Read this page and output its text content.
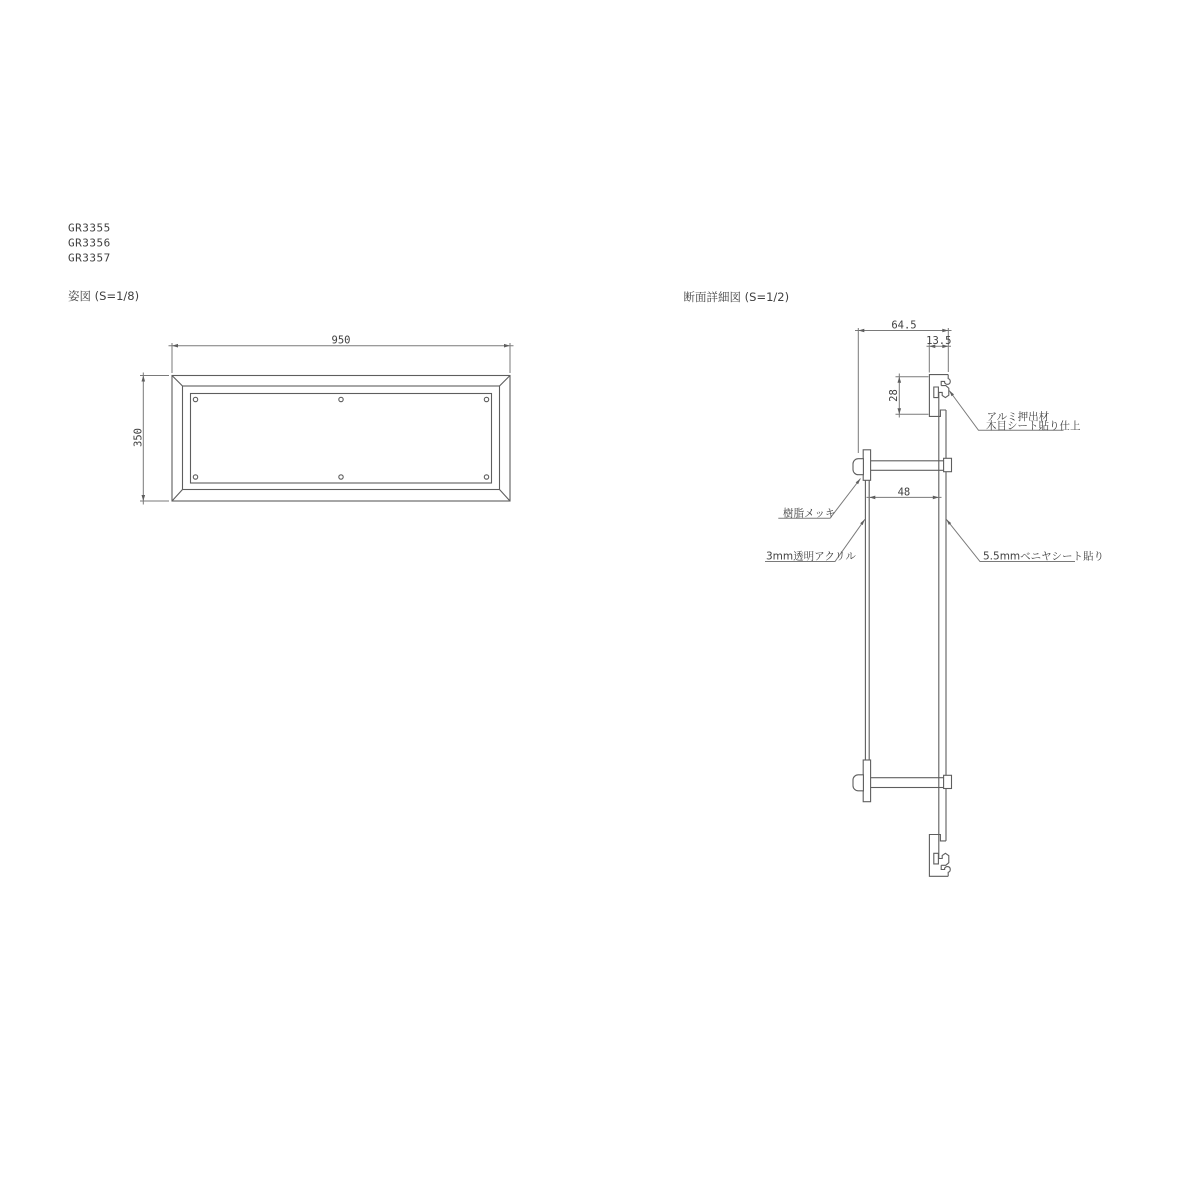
GR3355
GR3356
GR3357
姿図 (S=1/8)
950
350
断面詳細図 (S=1/2)
64.5
13.5
28
48
アルミ押出材
木目シート貼り仕上
樹脂メッキ
3mm透明アクリル	5.5mmベニヤシート貼り
